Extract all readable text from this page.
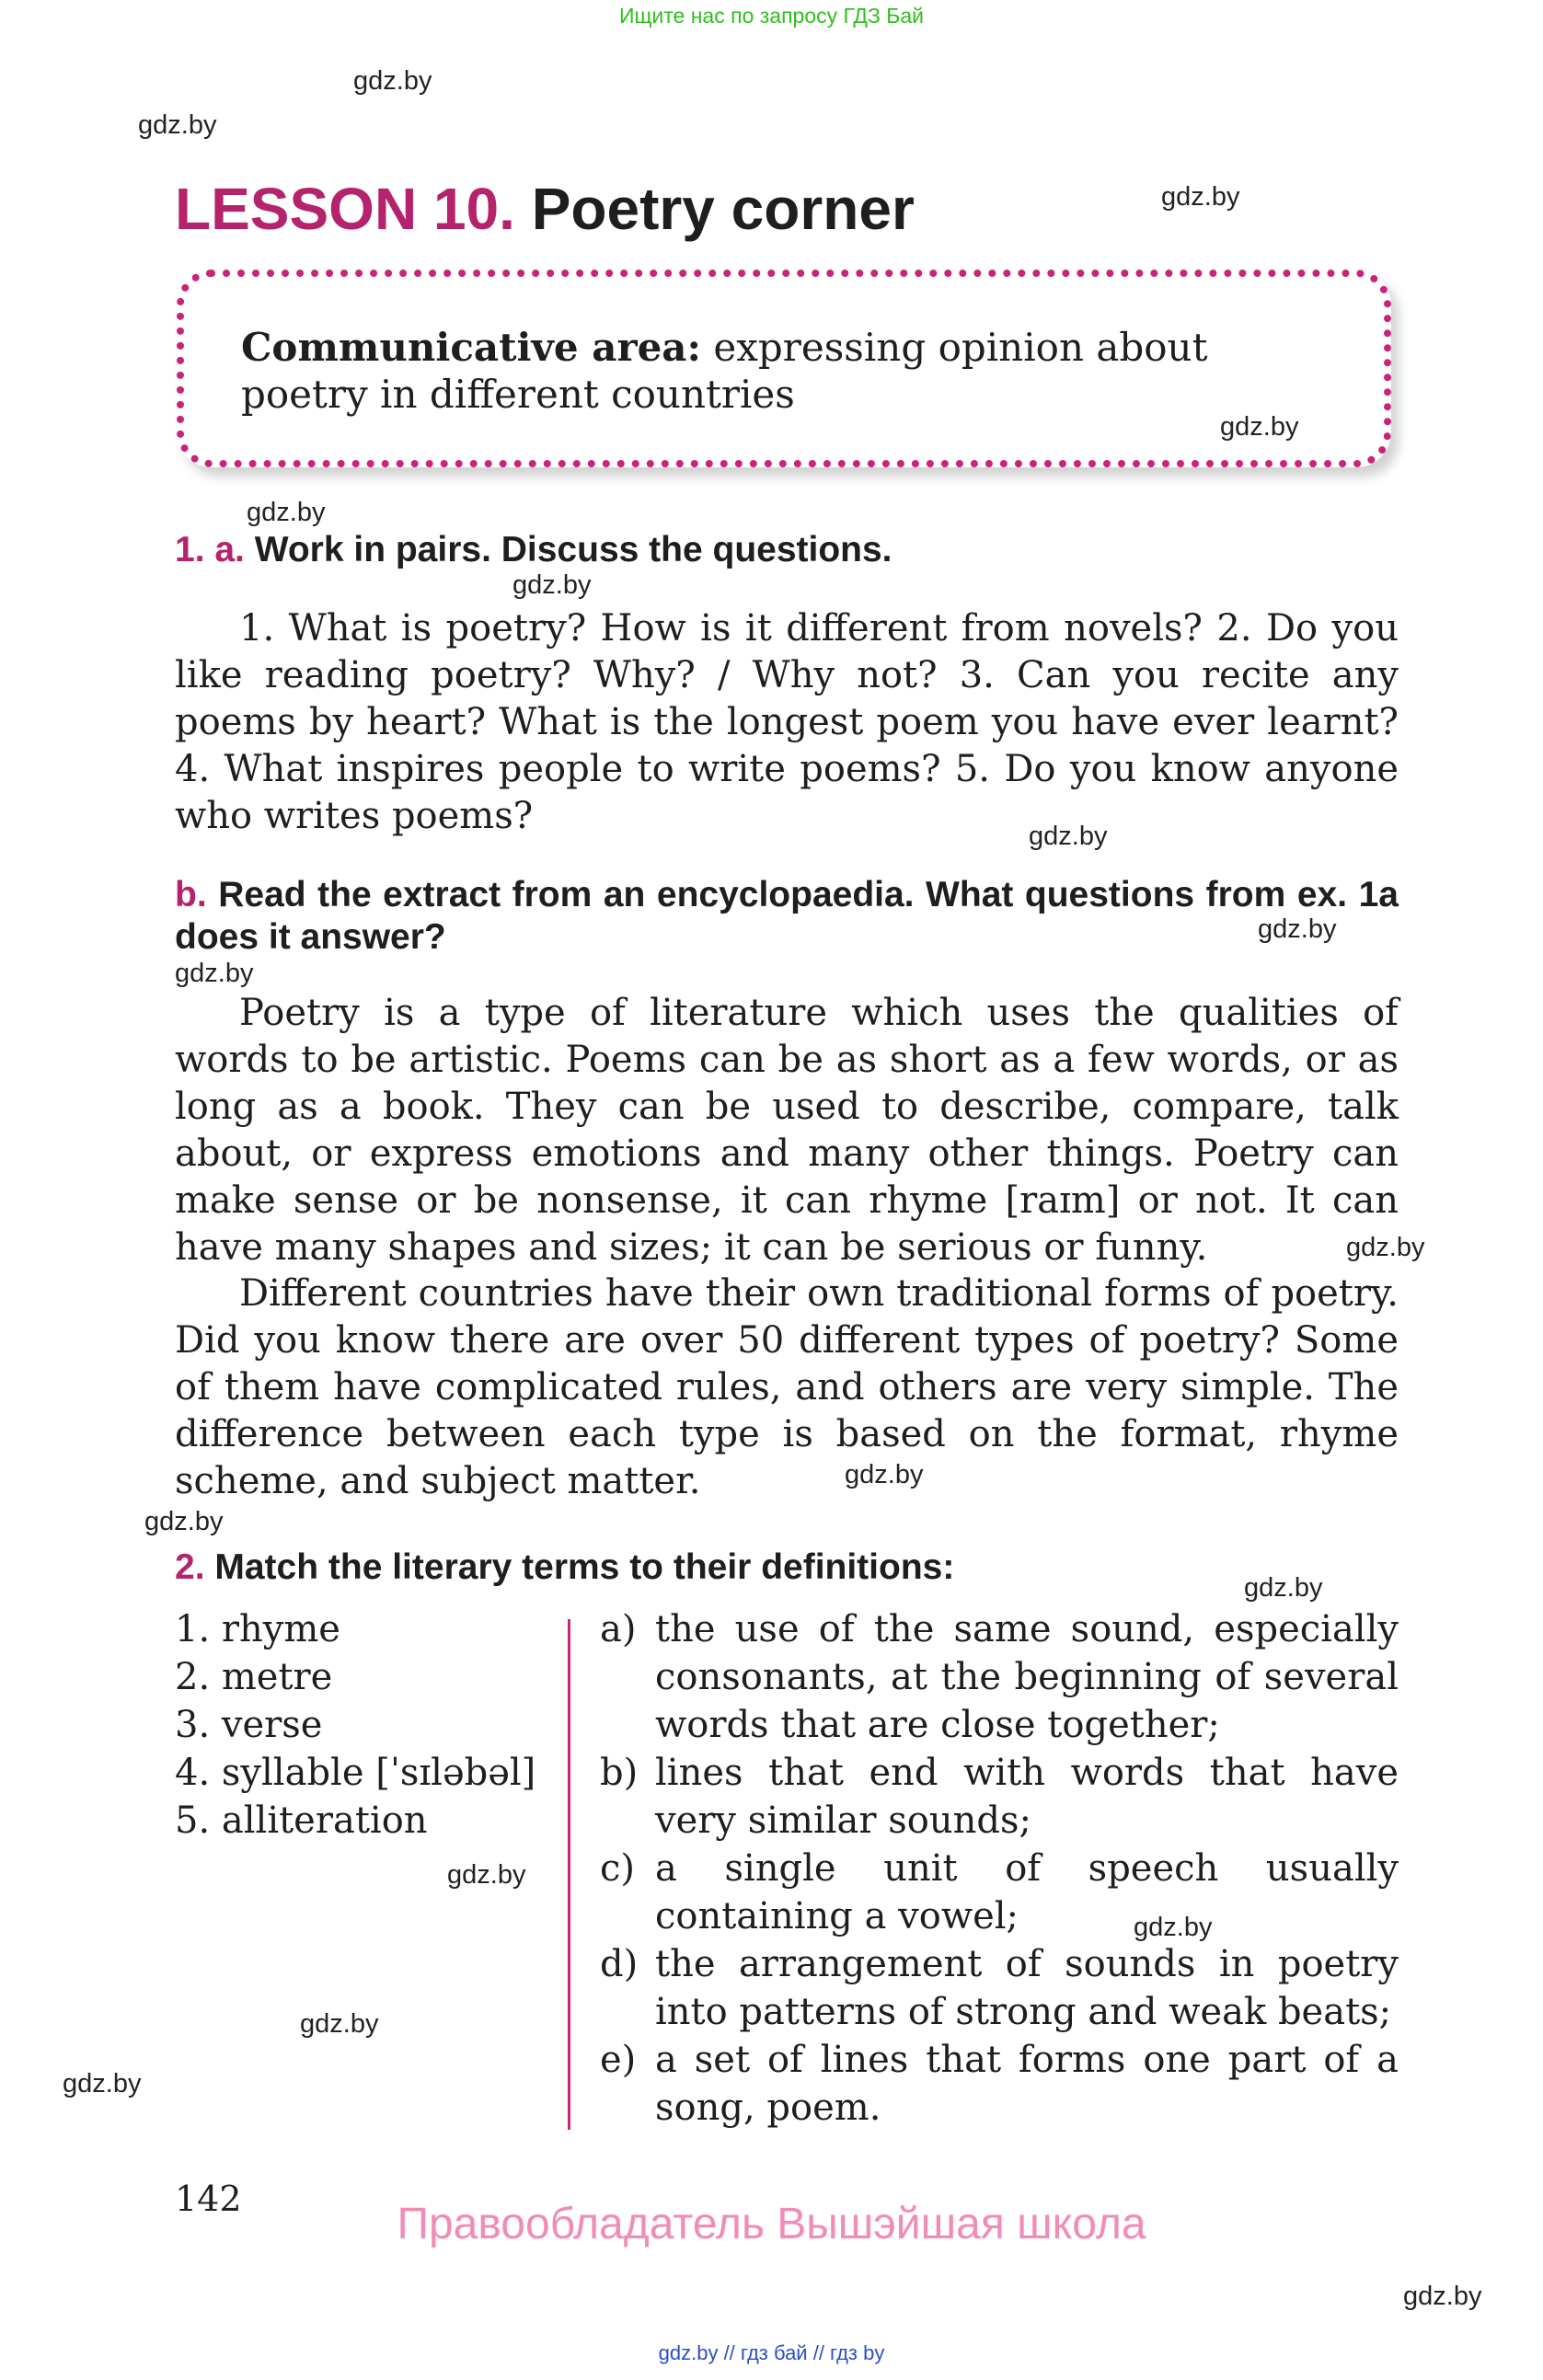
Ищите нас по запросу ГДЗ Бай
gdz.by
gdz.by
gdz.by
gdz.by
gdz.by
gdz.by
gdz.by
gdz.by
gdz.by
gdz.by
gdz.by
gdz.by
gdz.by
gdz.by
gdz.by
gdz.by
gdz.by
gdz.by
LESSON 10. Poetry corner
Communicative area: expressing opinion about poetry in different countries
1. a. Work in pairs. Discuss the questions.
1. What is poetry? How is it different from novels? 2. Do you like reading poetry? Why? / Why not? 3. Can you recite any poems by heart? What is the longest poem you have ever learnt? 4. What inspires people to write poems? 5. Do you know anyone who writes poems?
b. Read the extract from an encyclopaedia. What questions from ex. 1a does it answer?
Poetry is a type of literature which uses the qualities of words to be artistic. Poems can be as short as a few words, or as long as a book. They can be used to describe, compare, talk about, or express emotions and many other things. Poetry can make sense or be nonsense, it can rhyme [raɪm] or not. It can have many shapes and sizes; it can be serious or funny.
Different countries have their own traditional forms of poetry. Did you know there are over 50 different types of poetry? Some of them have complicated rules, and others are very simple. The difference between each type is based on the format, rhyme scheme, and subject matter.
2. Match the literary terms to their definitions:
1. rhyme
2. metre
3. verse
4. syllable [ˈsɪləbəl]
5. alliteration
a) the use of the same sound, especially consonants, at the beginning of several words that are close together;
b) lines that end with words that have very similar sounds;
c) a single unit of speech usually containing a vowel;
d) the arrangement of sounds in poetry into patterns of strong and weak beats;
e) a set of lines that forms one part of a song, poem.
142
Правообладатель Вышэйшая школа
gdz.by // гдз бай // гдз by
